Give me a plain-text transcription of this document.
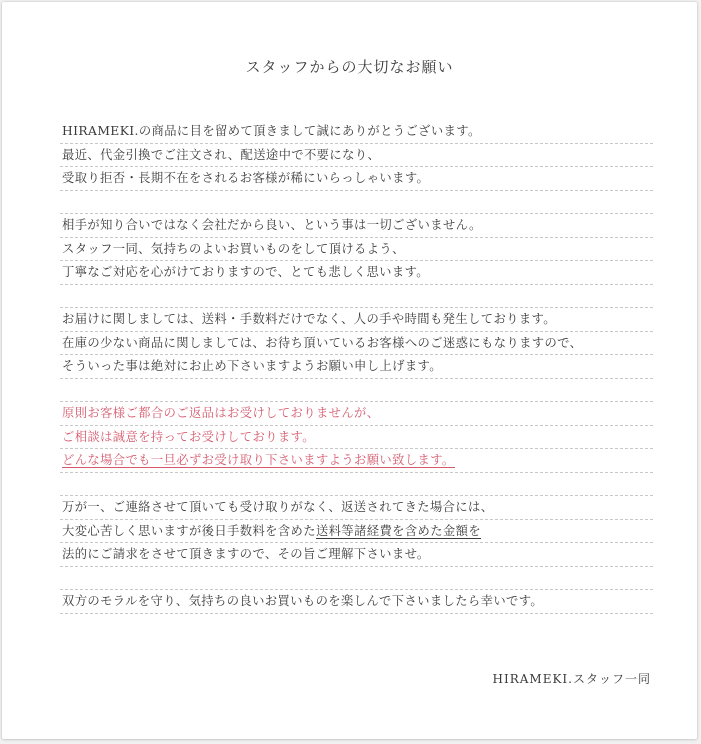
スタッフからの大切なお願い
HIRAMEKI.の商品に目を留めて頂きまして誠にありがとうございます。
最近、代金引換でご注文され、配送途中で不要になり、
受取り拒否・長期不在をされるお客様が稀にいらっしゃいます。
相手が知り合いではなく会社だから良い、という事は一切ございません。
スタッフ一同、気持ちのよいお買いものをして頂けるよう、
丁寧なご対応を心がけておりますので、とても悲しく思います。
お届けに関しましては、送料・手数料だけでなく、人の手や時間も発生しております。
在庫の少ない商品に関しましては、お待ち頂いているお客様へのご迷惑にもなりますので、
そういった事は絶対にお止め下さいますようお願い申し上げます。
原則お客様ご都合のご返品はお受けしておりませんが、
ご相談は誠意を持ってお受けしております。
どんな場合でも一旦必ずお受け取り下さいますようお願い致します。
万が一、ご連絡させて頂いても受け取りがなく、返送されてきた場合には、
大変心苦しく思いますが後日手数料を含めた送料等諸経費を含めた金額を
法的にご請求をさせて頂きますので、その旨ご理解下さいませ。
双方のモラルを守り、気持ちの良いお買いものを楽しんで下さいましたら幸いです。
HIRAMEKI.スタッフ一同
